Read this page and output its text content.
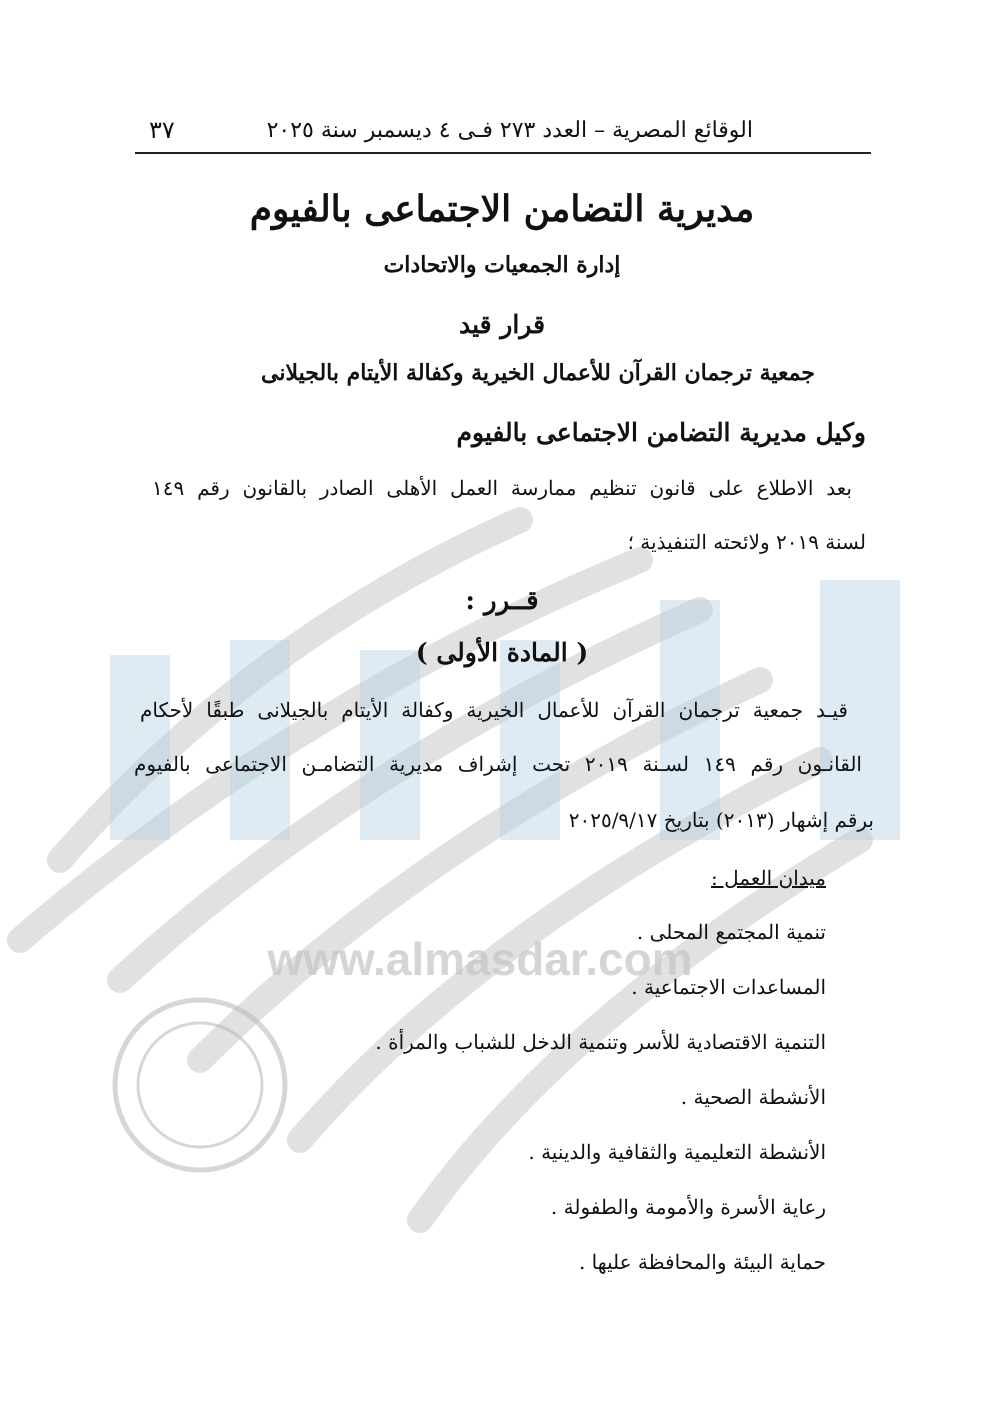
www.almasdar.com
الوقائع المصرية – العدد ٢٧٣ فـى ٤ ديسمبر سنة ٢٠٢٥
٣٧
مديرية التضامن الاجتماعى بالفيوم
إدارة الجمعيات والاتحادات
قرار قيد
جمعية ترجمان القرآن للأعمال الخيرية وكفالة الأيتام بالجيلانى
وكيل مديرية التضامن الاجتماعى بالفيوم
بعد الاطلاع على قانون تنظيم ممارسة العمل الأهلى الصادر بالقانون رقم ١٤٩
لسنة ٢٠١٩ ولائحته التنفيذية ؛
قــرر :
( المادة الأولى )
قيـد جمعية ترجمان القرآن للأعمال الخيرية وكفالة الأيتام بالجيلانى طبقًا لأحكام
القانـون رقم ١٤٩ لسـنة ٢٠١٩ تحت إشراف مديرية التضامـن الاجتماعى بالفيوم
برقم إشهار (٢٠١٣) بتاريخ ٢٠٢٥/٩/١٧
ميدان العمل :
تنمية المجتمع المحلى .
المساعدات الاجتماعية .
التنمية الاقتصادية للأسر وتنمية الدخل للشباب والمرأة .
الأنشطة الصحية .
الأنشطة التعليمية والثقافية والدينية .
رعاية الأسرة والأمومة والطفولة .
حماية البيئة والمحافظة عليها .
